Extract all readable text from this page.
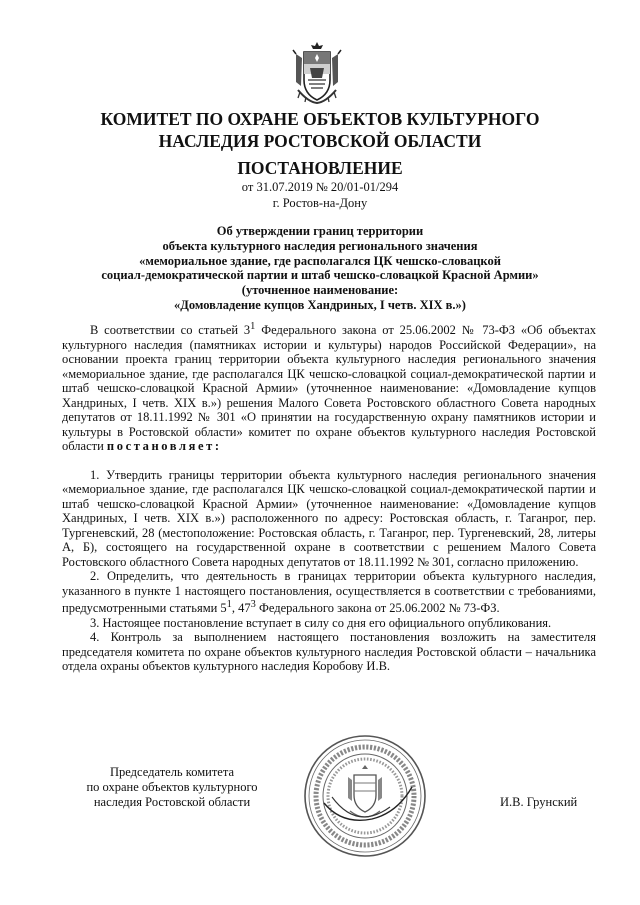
КОМИТЕТ ПО ОХРАНЕ ОБЪЕКТОВ КУЛЬТУРНОГО
НАСЛЕДИЯ РОСТОВСКОЙ ОБЛАСТИ
ПОСТАНОВЛЕНИЕ
от 31.07.2019 № 20/01-01/294
г. Ростов-на-Дону
Об утверждении границ территории
объекта культурного наследия регионального значения
«мемориальное здание, где располагался ЦК чешско-словацкой
социал-демократической партии и штаб чешско-словацкой Красной Армии»
(уточненное наименование:
«Домовладение купцов Хандриных, I четв. XIX в.»)

В соответствии со статьей $3^1$ Федерального закона от 25.06.2002 № 73-ФЗ «Об объектах культурного наследия (памятниках истории и культуры) народов Российской Федерации», на основании проекта границ территории объекта культурного наследия регионального значения «мемориальное здание, где располагался ЦК чешско-словацкой социал-демократической партии и штаб чешско-словацкой Красной Армии» (уточненное наименование: «Домовладение купцов Хандриных, I четв. XIX в.») решения Малого Совета Ростовского областного Совета народных депутатов от 18.11.1992 № 301 «О принятии на государственную охрану памятников истории и культуры в Ростовской области» комитет по охране объектов культурного наследия Ростовской области постановляет:

1. Утвердить границы территории объекта культурного наследия регионального значения «мемориальное здание, где располагался ЦК чешско-словацкой социал-демократической партии и штаб чешско-словацкой Красной Армии» (уточненное наименование: «Домовладение купцов Хандриных, I четв. XIX в.») расположенного по адресу: Ростовская область, г. Таганрог, пер. Тургеневский, 28 (местоположение: Ростовская область, г. Таганрог, пер. Тургеневский, 28, литеры А, Б), состоящего на государственной охране в соответствии с решением Малого Совета Ростовского областного Совета народных депутатов от 18.11.1992 № 301, согласно приложению.

2. Определить, что деятельность в границах территории объекта культурного наследия, указанного в пункте 1 настоящего постановления, осуществляется в соответствии с требованиями, предусмотренными статьями $5^1$, $47^3$ Федерального закона от 25.06.2002 № 73-ФЗ.

3. Настоящее постановление вступает в силу со дня его официального опубликования.

4. Контроль за выполнением настоящего постановления возложить на заместителя председателя комитета по охране объектов культурного наследия Ростовской области – начальника отдела охраны объектов культурного наследия Коробову И.В.

Председатель комитета
по охране объектов культурного
наследия Ростовской области	И.В. Грунский
